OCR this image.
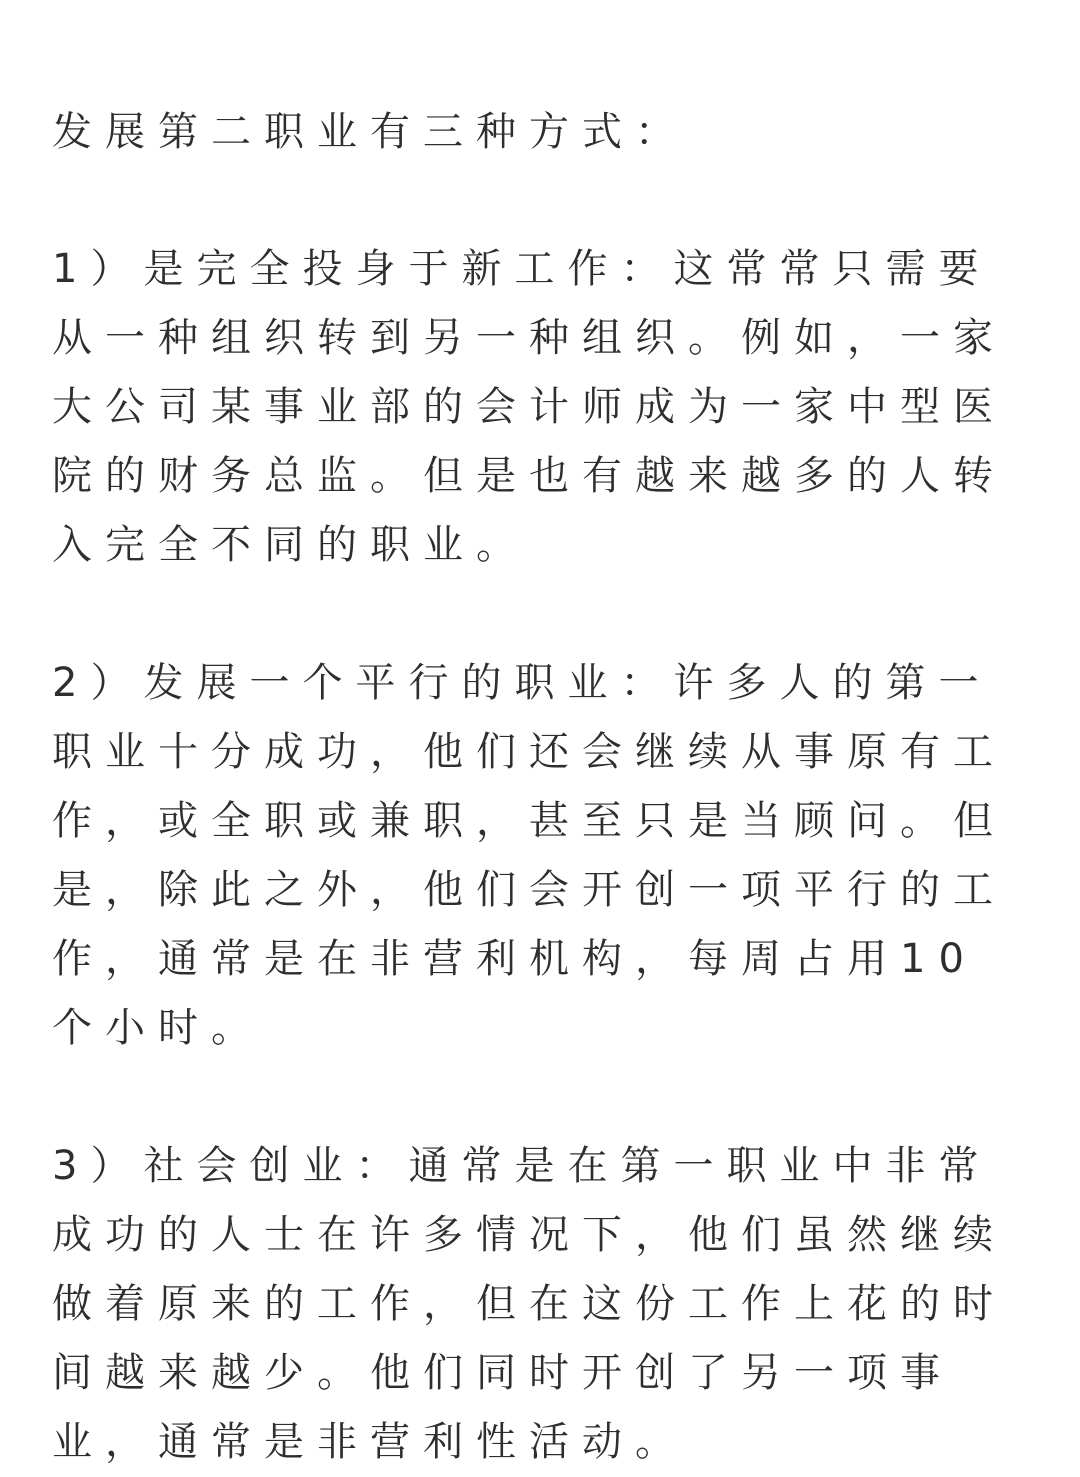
发展第二职业有三种方式：

1）是完全投身于新工作：这常常只需要从一种组织转到另一种组织。例如，一家大公司某事业部的会计师成为一家中型医院的财务总监。但是也有越来越多的人转入完全不同的职业。

2）发展一个平行的职业：许多人的第一职业十分成功，他们还会继续从事原有工作，或全职或兼职，甚至只是当顾问。但是，除此之外，他们会开创一项平行的工作，通常是在非营利机构，每周占用10个小时。

3）社会创业：通常是在第一职业中非常成功的人士在许多情况下，他们虽然继续做着原来的工作，但在这份工作上花的时间越来越少。他们同时开创了另一项事业，通常是非营利性活动。
